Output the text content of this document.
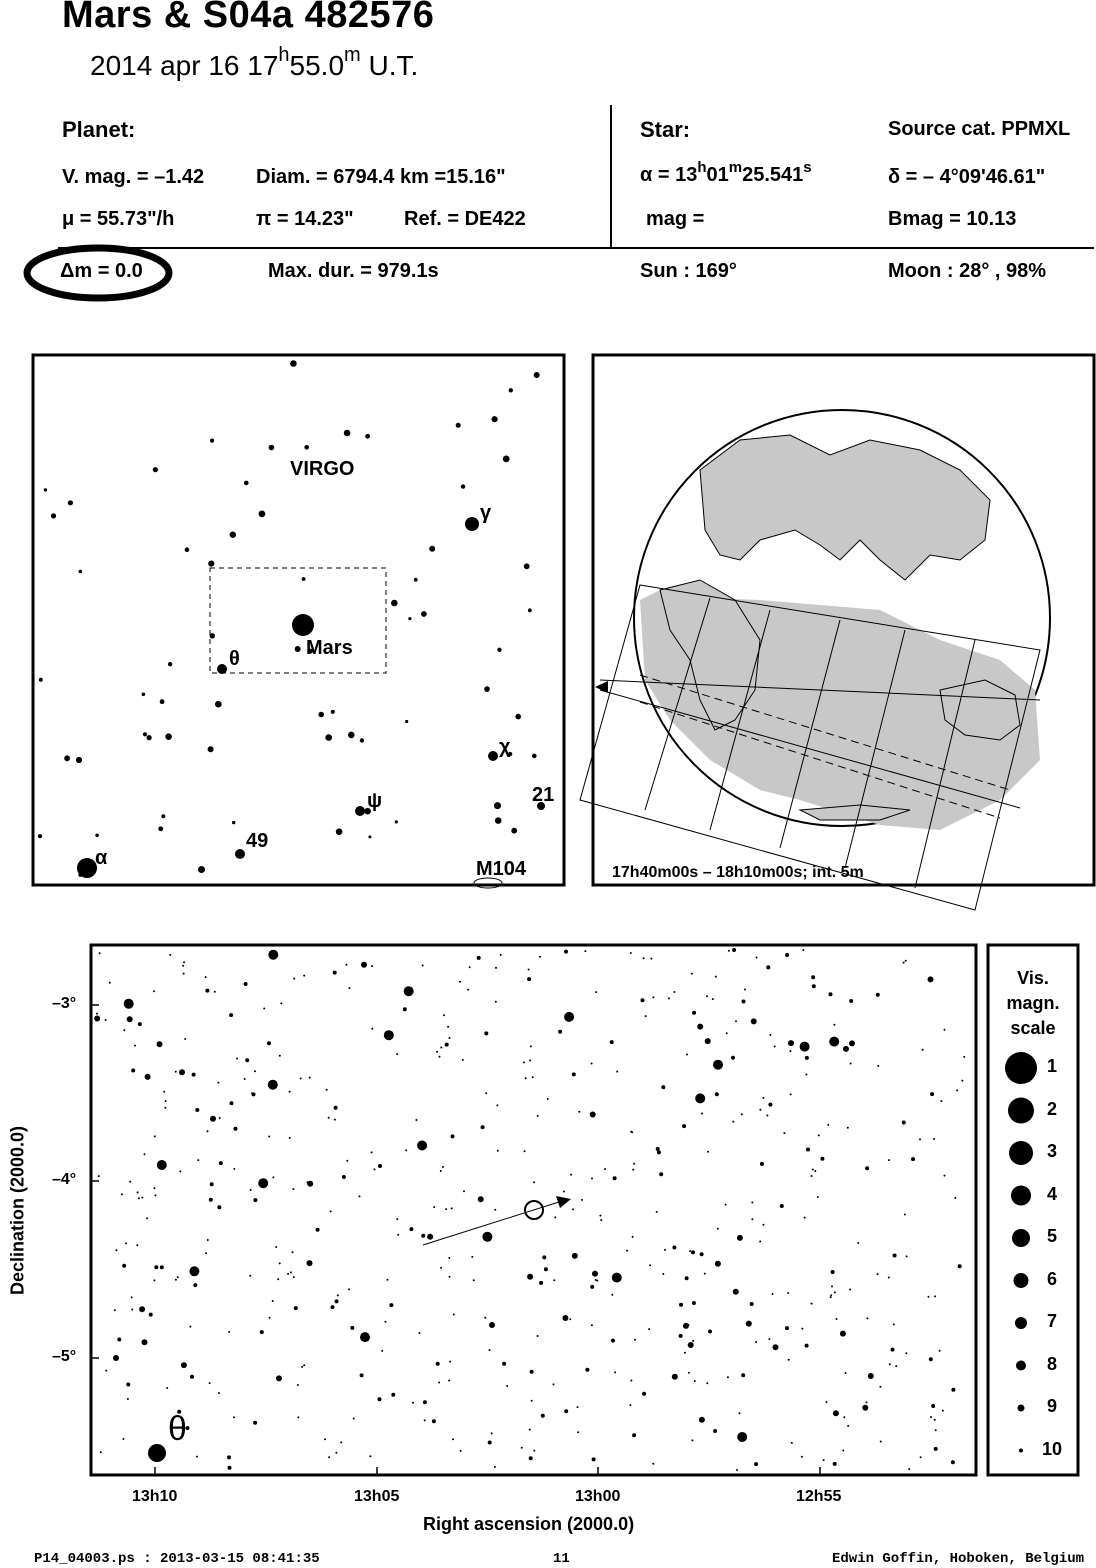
Mars & S04a 482576
2014 apr 16 17$^h$55.0$^m$ U.T.
Planet:
V. mag. = –1.42	Diam. = 6794.4 km =15.16"
μ = 55.73"/h	π = 14.23"	Ref. = DE422
Δm = 0.0	Max. dur. = 979.1s
Star:	Source cat. PPMXL
$\alpha = 13^h01^m25.541^s$	δ = – 4°09'46.61"
mag =	Bmag = 10.13
Sun : 169°	Moon : 28° , 98%
VIRGO
Mars
θ
γ
χ
ψ
α
21
49
M104	17h40m00s – 18h10m00s; int. 5m
θ
13h10	13h05	13h00	12h55
–3°
–4°
–5°
Right ascension (2000.0)
Declination (2000.0)
Vis.
magn.
scale
1
2
3
4
5
6
7
8
9
10
P14_04003.ps : 2013-03-15 08:41:35	11	Edwin Goffin, Hoboken, Belgium
